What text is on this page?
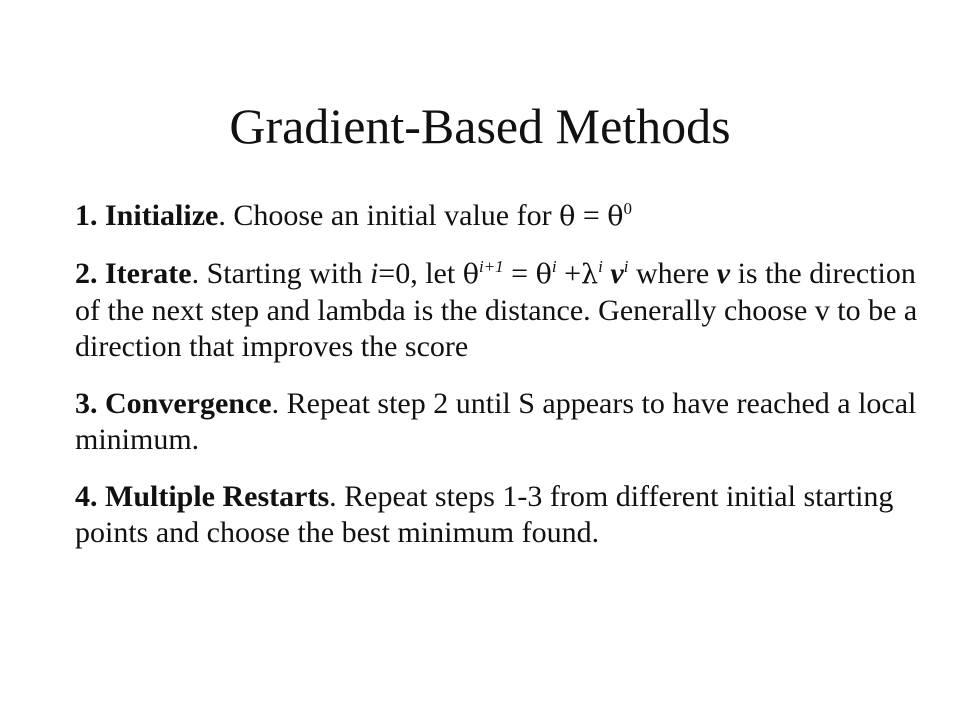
Gradient-Based Methods

1. Initialize. Choose an initial value for $\theta = \theta^0$

2. Iterate. Starting with i=0, let $\theta^{i+1} = \theta^i +\lambda^i$ $v^i$ where v is the direction of the next step and lambda is the distance. Generally choose v to be a direction that improves the score

3. Convergence. Repeat step 2 until S appears to have reached a local minimum.

4. Multiple Restarts. Repeat steps 1-3 from different initial starting points and choose the best minimum found.
